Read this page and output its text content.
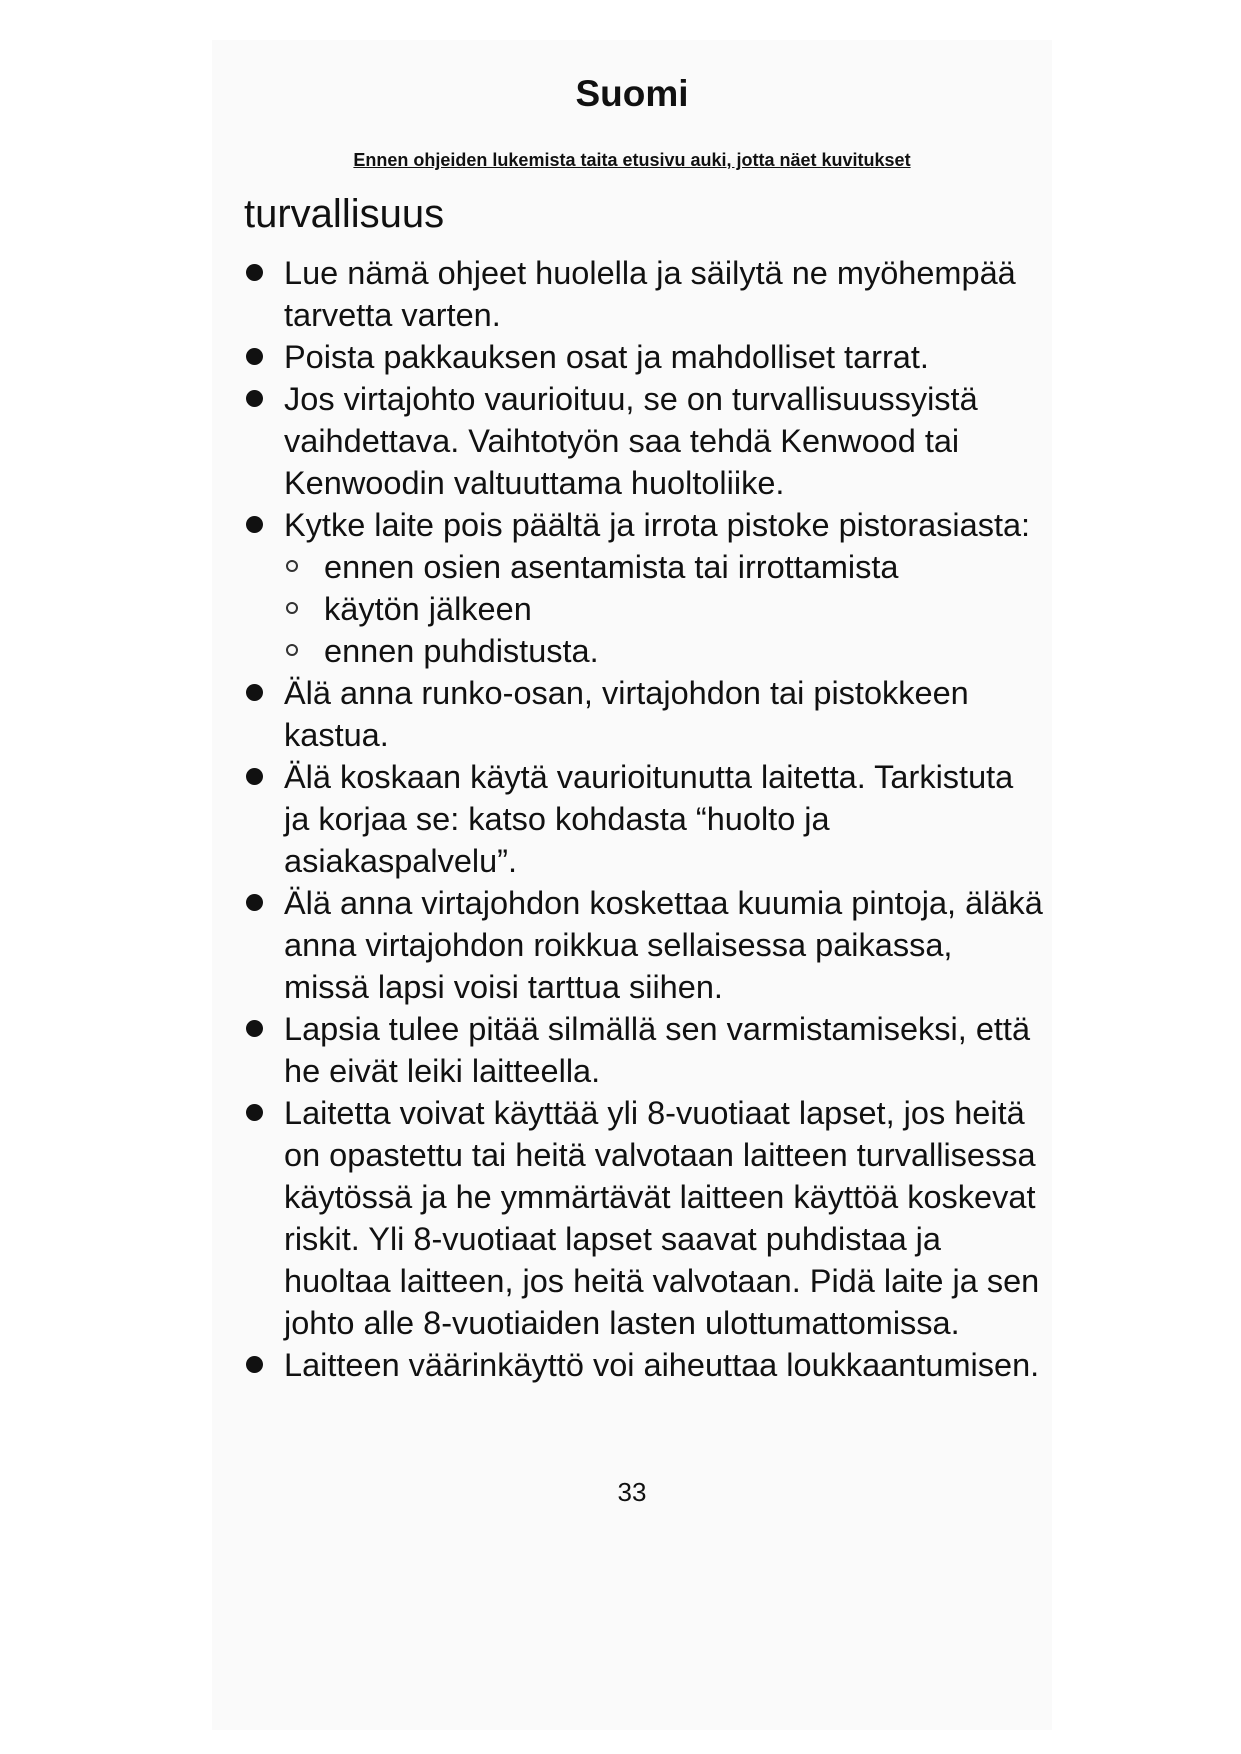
Suomi

Ennen ohjeiden lukemista taita etusivu auki, jotta näet kuvitukset

turvallisuus
Lue nämä ohjeet huolella ja säilytä ne myöhempää tarvetta varten.
Poista pakkauksen osat ja mahdolliset tarrat.
Jos virtajohto vaurioituu, se on turvallisuussyistä vaihdettava. Vaihtotyön saa tehdä Kenwood tai Kenwoodin valtuuttama huoltoliike.
Kytke laite pois päältä ja irrota pistoke pistorasiasta:
ennen osien asentamista tai irrottamista
käytön jälkeen
ennen puhdistusta.
Älä anna runko-osan, virtajohdon tai pistokkeen kastua.
Älä koskaan käytä vaurioitunutta laitetta. Tarkistuta ja korjaa se: katso kohdasta “huolto ja asiakaspalvelu”.
Älä anna virtajohdon koskettaa kuumia pintoja, äläkä anna virtajohdon roikkua sellaisessa paikassa, missä lapsi voisi tarttua siihen.
Lapsia tulee pitää silmällä sen varmistamiseksi, että he eivät leiki laitteella.
Laitetta voivat käyttää yli 8-vuotiaat lapset, jos heitä on opastettu tai heitä valvotaan laitteen turvallisessa käytössä ja he ymmärtävät laitteen käyttöä koskevat riskit. Yli 8-vuotiaat lapset saavat puhdistaa ja huoltaa laitteen, jos heitä valvotaan. Pidä laite ja sen johto alle 8-vuotiaiden lasten ulottumattomissa.
Laitteen väärinkäyttö voi aiheuttaa loukkaantumisen.

33
